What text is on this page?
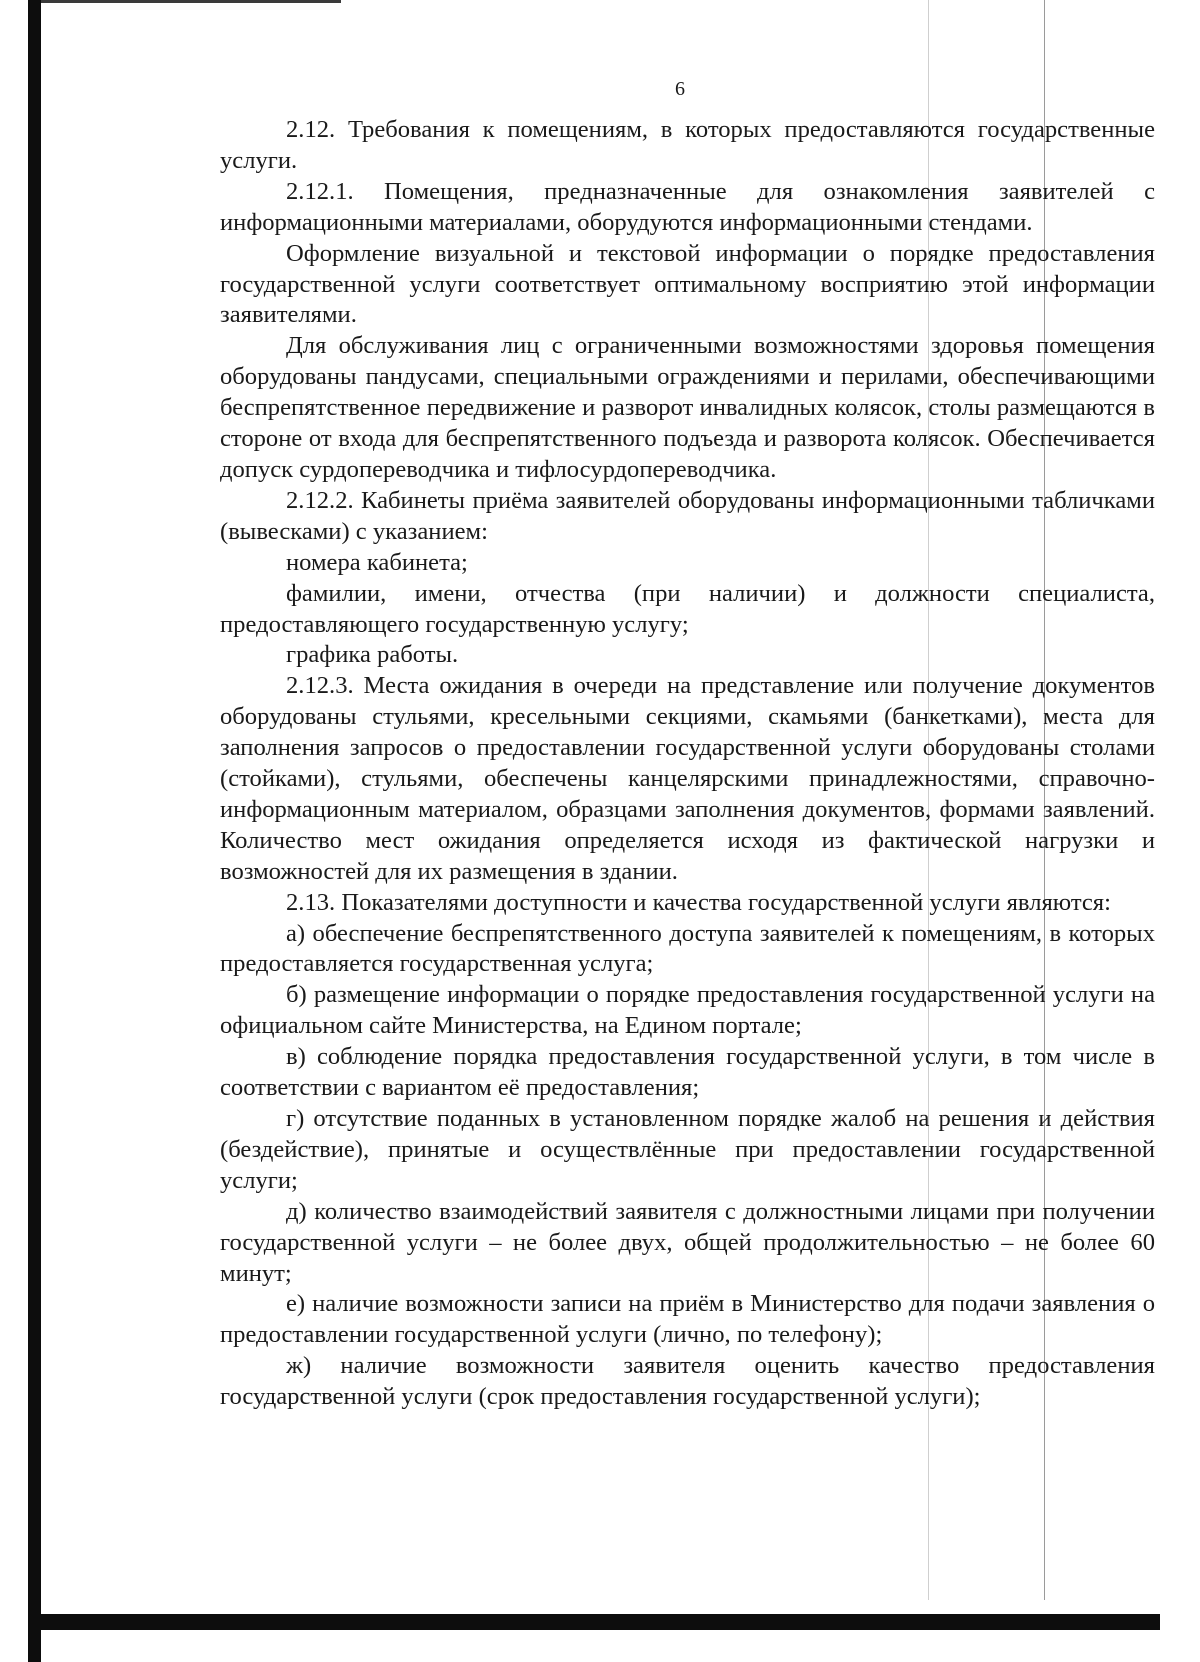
6

2.12. Требования к помещениям, в которых предоставляются государственные услуги.

2.12.1. Помещения, предназначенные для ознакомления заявителей с информационными материалами, оборудуются информационными стендами.

Оформление визуальной и текстовой информации о порядке предоставления государственной услуги соответствует оптимальному восприятию этой информации заявителями.

Для обслуживания лиц с ограниченными возможностями здоровья помещения оборудованы пандусами, специальными ограждениями и перилами, обеспечивающими беспрепятственное передвижение и разворот инвалидных колясок, столы размещаются в стороне от входа для беспрепятственного подъезда и разворота колясок. Обеспечивается допуск сурдопереводчика и тифлосурдопереводчика.

2.12.2. Кабинеты приёма заявителей оборудованы информационными табличками (вывесками) с указанием:

номера кабинета;

фамилии, имени, отчества (при наличии) и должности специалиста, предоставляющего государственную услугу;

графика работы.

2.12.3. Места ожидания в очереди на представление или получение документов оборудованы стульями, кресельными секциями, скамьями (банкетками), места для заполнения запросов о предоставлении государственной услуги оборудованы столами (стойками), стульями, обеспечены канцелярскими принадлежностями, справочно-информационным материалом, образцами заполнения документов, формами заявлений. Количество мест ожидания определяется исходя из фактической нагрузки и возможностей для их размещения в здании.

2.13. Показателями доступности и качества государственной услуги являются:

а) обеспечение беспрепятственного доступа заявителей к помещениям, в которых предоставляется государственная услуга;

б) размещение информации о порядке предоставления государственной услуги на официальном сайте Министерства, на Едином портале;

в) соблюдение порядка предоставления государственной услуги, в том числе в соответствии с вариантом её предоставления;

г) отсутствие поданных в установленном порядке жалоб на решения и действия (бездействие), принятые и осуществлённые при предоставлении государственной услуги;

д) количество взаимодействий заявителя с должностными лицами при получении государственной услуги – не более двух, общей продолжительностью – не более 60 минут;

е) наличие возможности записи на приём в Министерство для подачи заявления о предоставлении государственной услуги (лично, по телефону);

ж) наличие возможности заявителя оценить качество предоставления государственной услуги (срок предоставления государственной услуги);
